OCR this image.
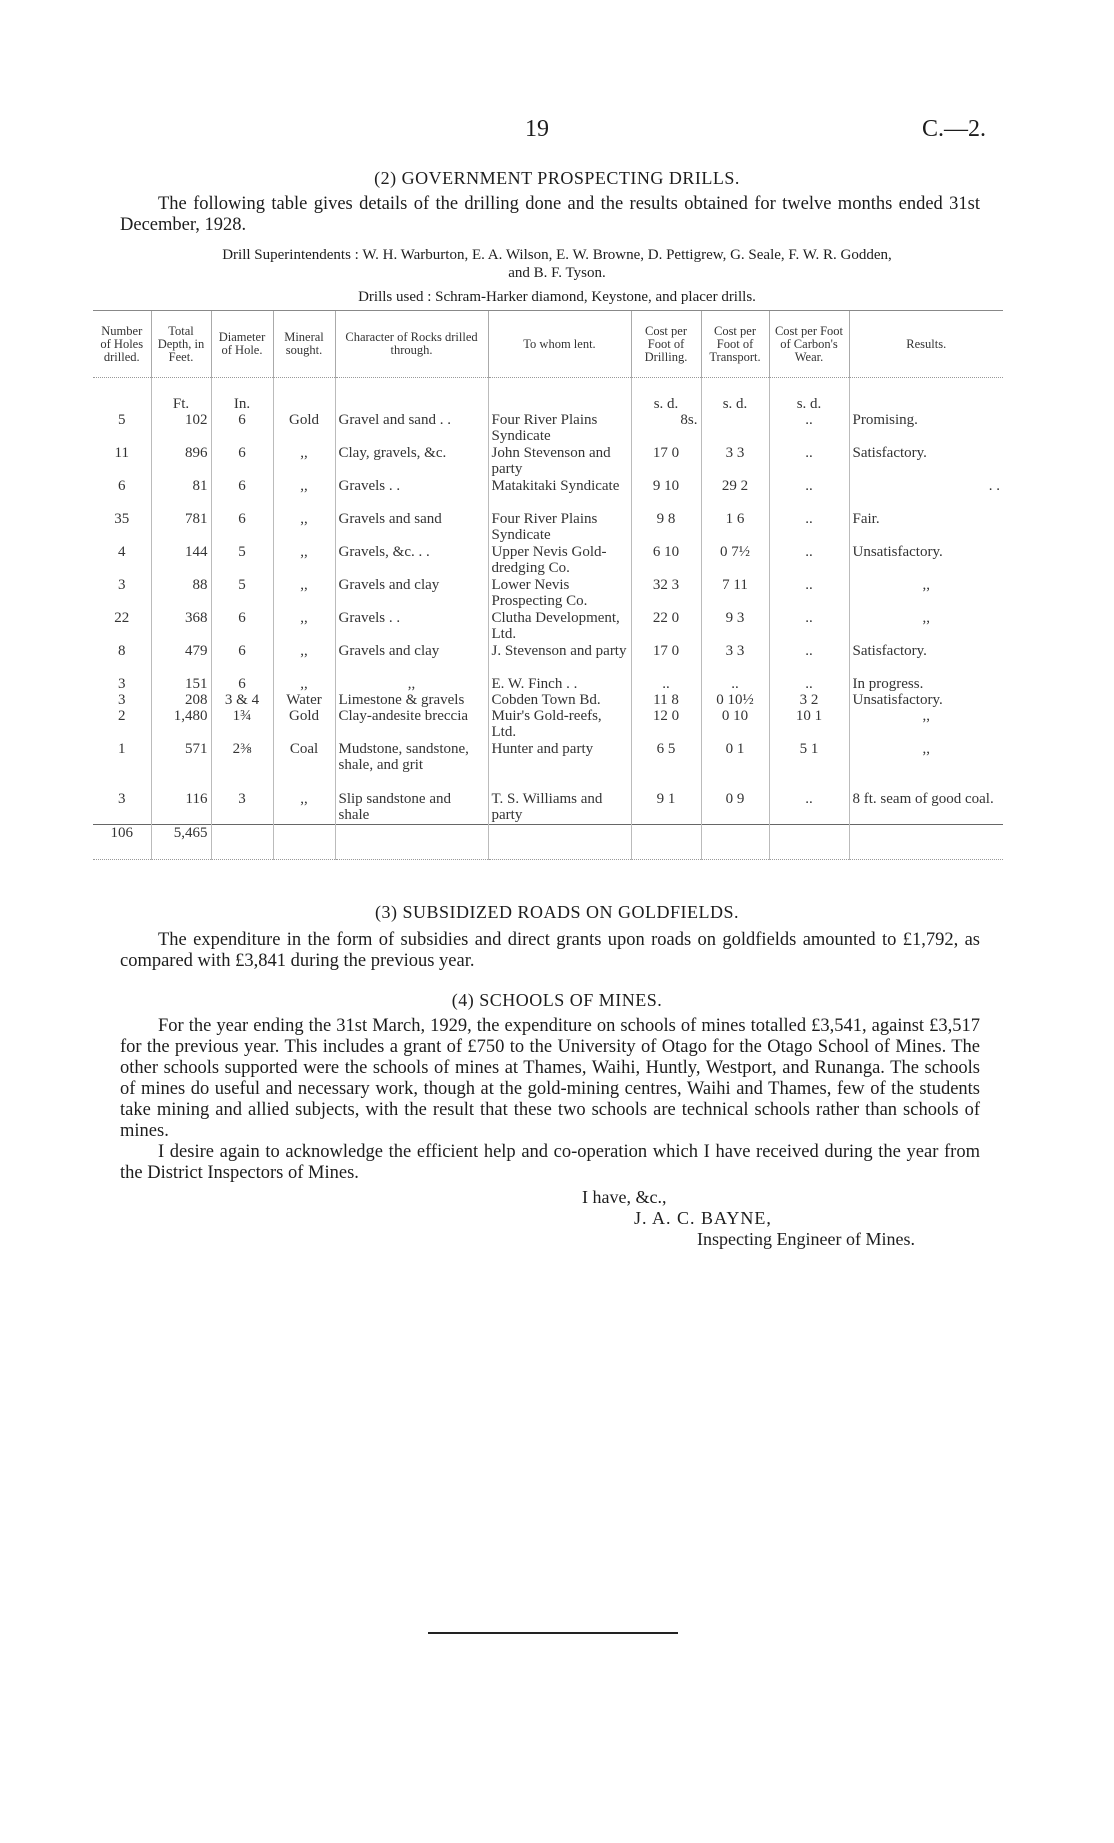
19	C.—2.
(2) GOVERNMENT PROSPECTING DRILLS.
The following table gives details of the drilling done and the results obtained for twelve months ended 31st December, 1928.
Drill Superintendents : W. H. Warburton, E. A. Wilson, E. W. Browne, D. Pettigrew, G. Seale, F. W. R. Godden,
and B. F. Tyson.
Drills used : Schram-Harker diamond, Keystone, and placer drills.
Number of Holes drilled.	Total Depth, in Feet.	Diameter of Hole.	Mineral sought.	Character of Rocks drilled through.	To whom lent.	Cost per Foot of Drilling.	Cost per Foot of Transport.	Cost per Foot of Carbon's Wear.	Results.
	Ft.	In.				s. d.	s. d.	s. d.	
5	102	6	Gold	Gravel and sand . .	Four River Plains Syndicate	8s.		..	Promising.
11	896	6	,,	Clay, gravels, &c.	John Stevenson and party	17 0	3 3	..	Satisfactory.
6	81	6	,,	Gravels . .	Matakitaki Syndicate	9 10	29 2	..	. .
35	781	6	,,	Gravels and sand	Four River Plains Syndicate	9 8	1 6	..	Fair.
4	144	5	,,	Gravels, &c. . .	Upper Nevis Gold-dredging Co.	6 10	0 7½	..	Unsatisfactory.
3	88	5	,,	Gravels and clay	Lower Nevis Prospecting Co.	32 3	7 11	..	,,
22	368	6	,,	Gravels . .	Clutha Development, Ltd.	22 0	9 3	..	,,
8	479	6	,,	Gravels and clay	J. Stevenson and party	17 0	3 3	..	Satisfactory.
3	151	6	,,	,,	E. W. Finch . .	..	..	..	In progress.
3	208	3 & 4	Water	Limestone & gravels	Cobden Town Bd.	11 8	0 10½	3 2	Unsatisfactory.
2	1,480	1¾	Gold	Clay-andesite breccia	Muir's Gold-reefs, Ltd.	12 0	0 10	10 1	,,
1	571	2⅜	Coal	Mudstone, sandstone, shale, and grit	Hunter and party	6 5	0 1	5 1	,,
3	116	3	,,	Slip sandstone and shale	T. S. Williams and party	9 1	0 9	..	8 ft. seam of good coal.
106	5,465								
(3) SUBSIDIZED ROADS ON GOLDFIELDS.
The expenditure in the form of subsidies and direct grants upon roads on goldfields amounted to £1,792, as compared with £3,841 during the previous year.
(4) SCHOOLS OF MINES.
For the year ending the 31st March, 1929, the expenditure on schools of mines totalled £3,541, against £3,517 for the previous year. This includes a grant of £750 to the University of Otago for the Otago School of Mines. The other schools supported were the schools of mines at Thames, Waihi, Huntly, Westport, and Runanga. The schools of mines do useful and necessary work, though at the gold-mining centres, Waihi and Thames, few of the students take mining and allied subjects, with the result that these two schools are technical schools rather than schools of mines.
I desire again to acknowledge the efficient help and co-operation which I have received during the year from the District Inspectors of Mines.
I have, &c.,
J. A. C. BAYNE,
Inspecting Engineer of Mines.
